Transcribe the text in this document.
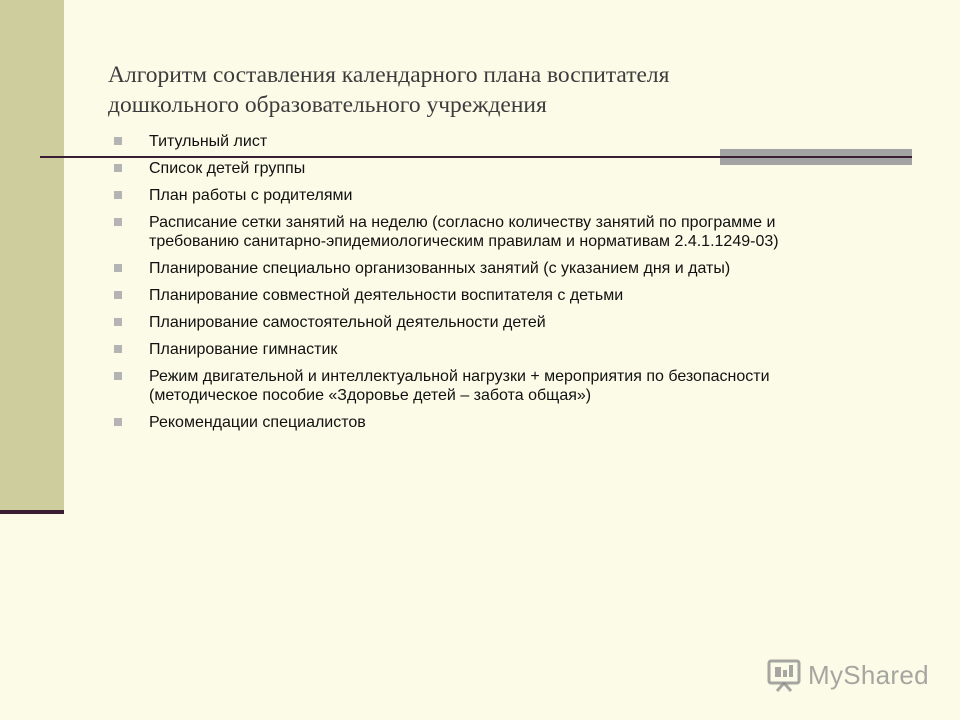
Алгоритм составления календарного плана воспитателя
дошкольного образовательного учреждения
Титульный лист
Список детей группы
План работы с родителями
Расписание сетки занятий на неделю (согласно количеству занятий по программе и
требованию санитарно-эпидемиологическим правилам и нормативам 2.4.1.1249-03)
Планирование специально организованных занятий (с указанием дня и даты)
Планирование совместной деятельности воспитателя с детьми
Планирование самостоятельной деятельности детей
Планирование гимнастик
Режим двигательной и интеллектуальной нагрузки + мероприятия по безопасности
(методическое пособие «Здоровье детей – забота общая»)
Рекомендации специалистов
MyShared
